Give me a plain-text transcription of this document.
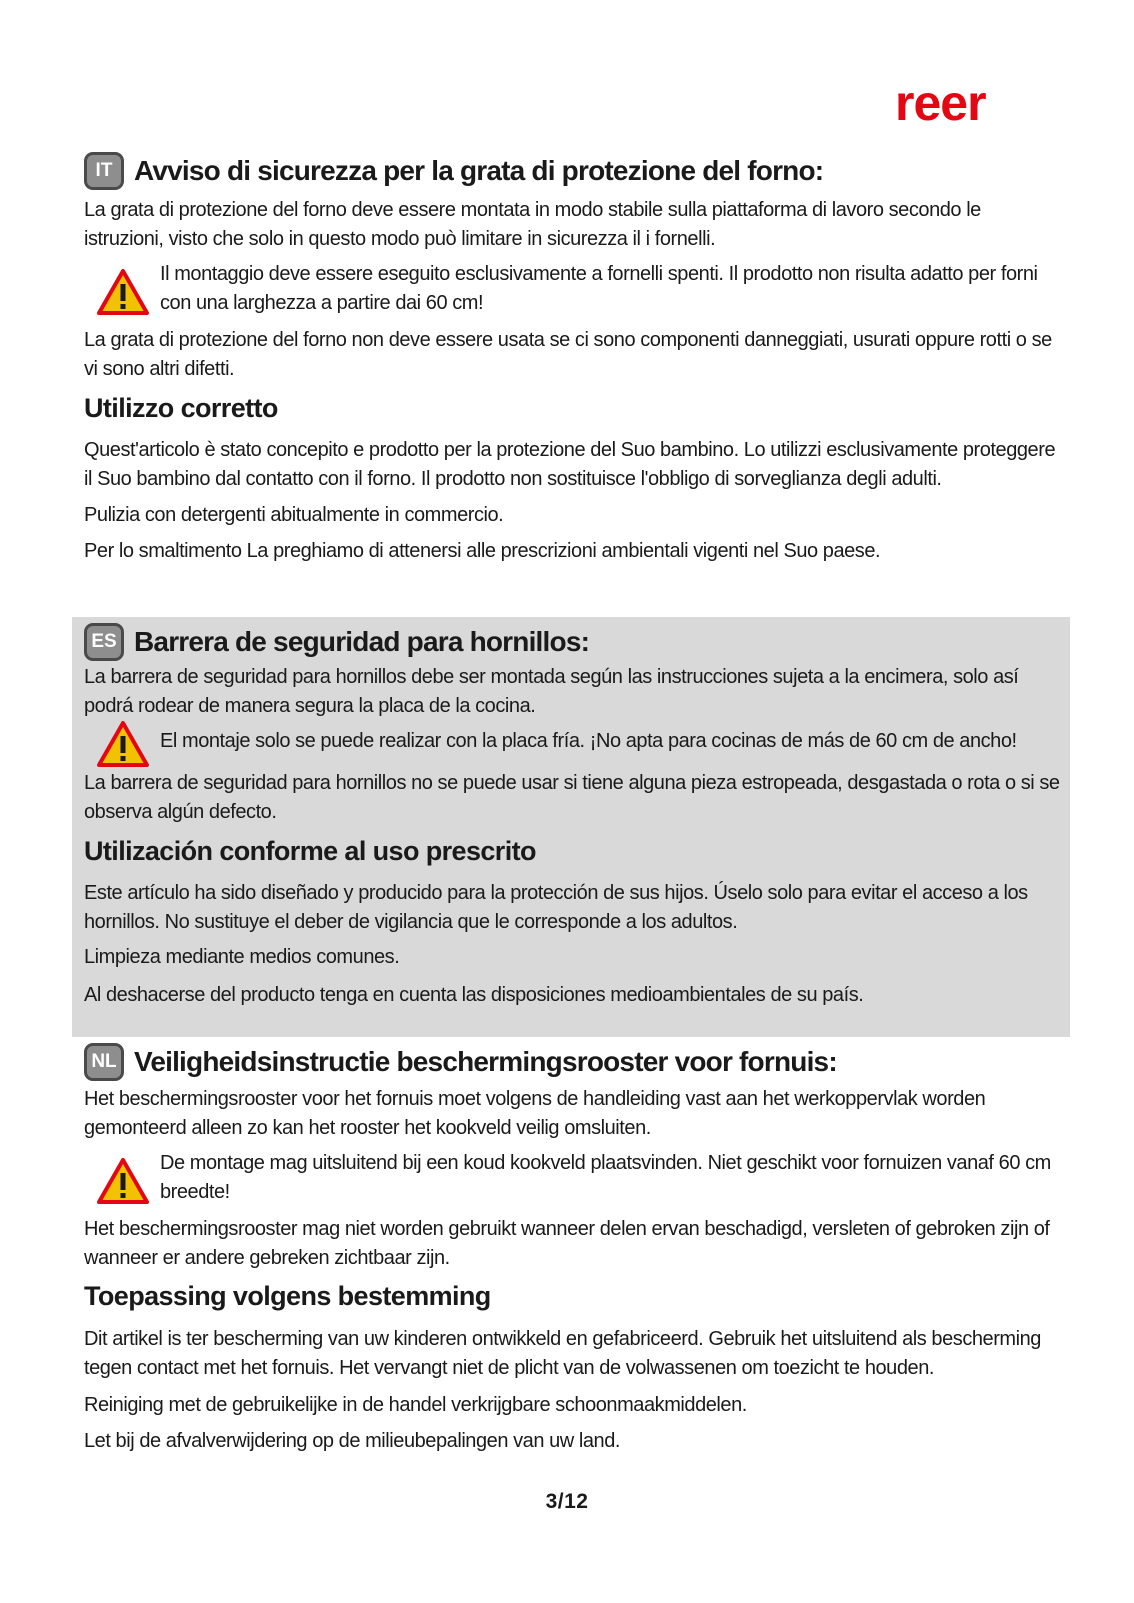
reer
IT Avviso di sicurezza per la grata di protezione del forno:
La grata di protezione del forno deve essere montata in modo stabile sulla piattaforma di lavoro secondo le istruzioni, visto che solo in questo modo può limitare in sicurezza il i fornelli.
Il montaggio deve essere eseguito esclusivamente a fornelli spenti. Il prodotto non risulta adatto per forni con una larghezza a partire dai 60 cm!
La grata di protezione del forno non deve essere usata se ci sono componenti danneggiati, usurati oppure rotti o se vi sono altri difetti.
Utilizzo corretto
Quest'articolo è stato concepito e prodotto per la protezione del Suo bambino. Lo utilizzi esclusivamente proteggere il Suo bambino dal contatto con il forno. Il prodotto non sostituisce l'obbligo di sorveglianza degli adulti.
Pulizia con detergenti abitualmente in commercio.
Per lo smaltimento La preghiamo di attenersi alle prescrizioni ambientali vigenti nel Suo paese.
ES Barrera de seguridad para hornillos:
La barrera de seguridad para hornillos debe ser montada según las instrucciones sujeta a la encimera, solo así podrá rodear de manera segura la placa de la cocina.
El montaje solo se puede realizar con la placa fría. ¡No apta para cocinas de más de 60 cm de ancho!
La barrera de seguridad para hornillos no se puede usar si tiene alguna pieza estropeada, desgastada o rota o si se observa algún defecto.
Utilización conforme al uso prescrito
Este artículo ha sido diseñado y producido para la protección de sus hijos. Úselo solo para evitar el acceso a los hornillos. No sustituye el deber de vigilancia que le corresponde a los adultos.
Limpieza mediante medios comunes.
Al deshacerse del producto tenga en cuenta las disposiciones medioambientales de su país.
NL Veiligheidsinstructie beschermingsrooster voor fornuis:
Het beschermingsrooster voor het fornuis moet volgens de handleiding vast aan het werkoppervlak worden gemonteerd alleen zo kan het rooster het kookveld veilig omsluiten.
De montage mag uitsluitend bij een koud kookveld plaatsvinden. Niet geschikt voor fornuizen vanaf 60 cm breedte!
Het beschermingsrooster mag niet worden gebruikt wanneer delen ervan beschadigd, versleten of gebroken zijn of wanneer er andere gebreken zichtbaar zijn.
Toepassing volgens bestemming
Dit artikel is ter bescherming van uw kinderen ontwikkeld en gefabriceerd. Gebruik het uitsluitend als bescherming tegen contact met het fornuis. Het vervangt niet de plicht van de volwassenen om toezicht te houden.
Reiniging met de gebruikelijke in de handel verkrijgbare schoonmaakmiddelen.
Let bij de afvalverwijdering op de milieubepalingen van uw land.
3/12
